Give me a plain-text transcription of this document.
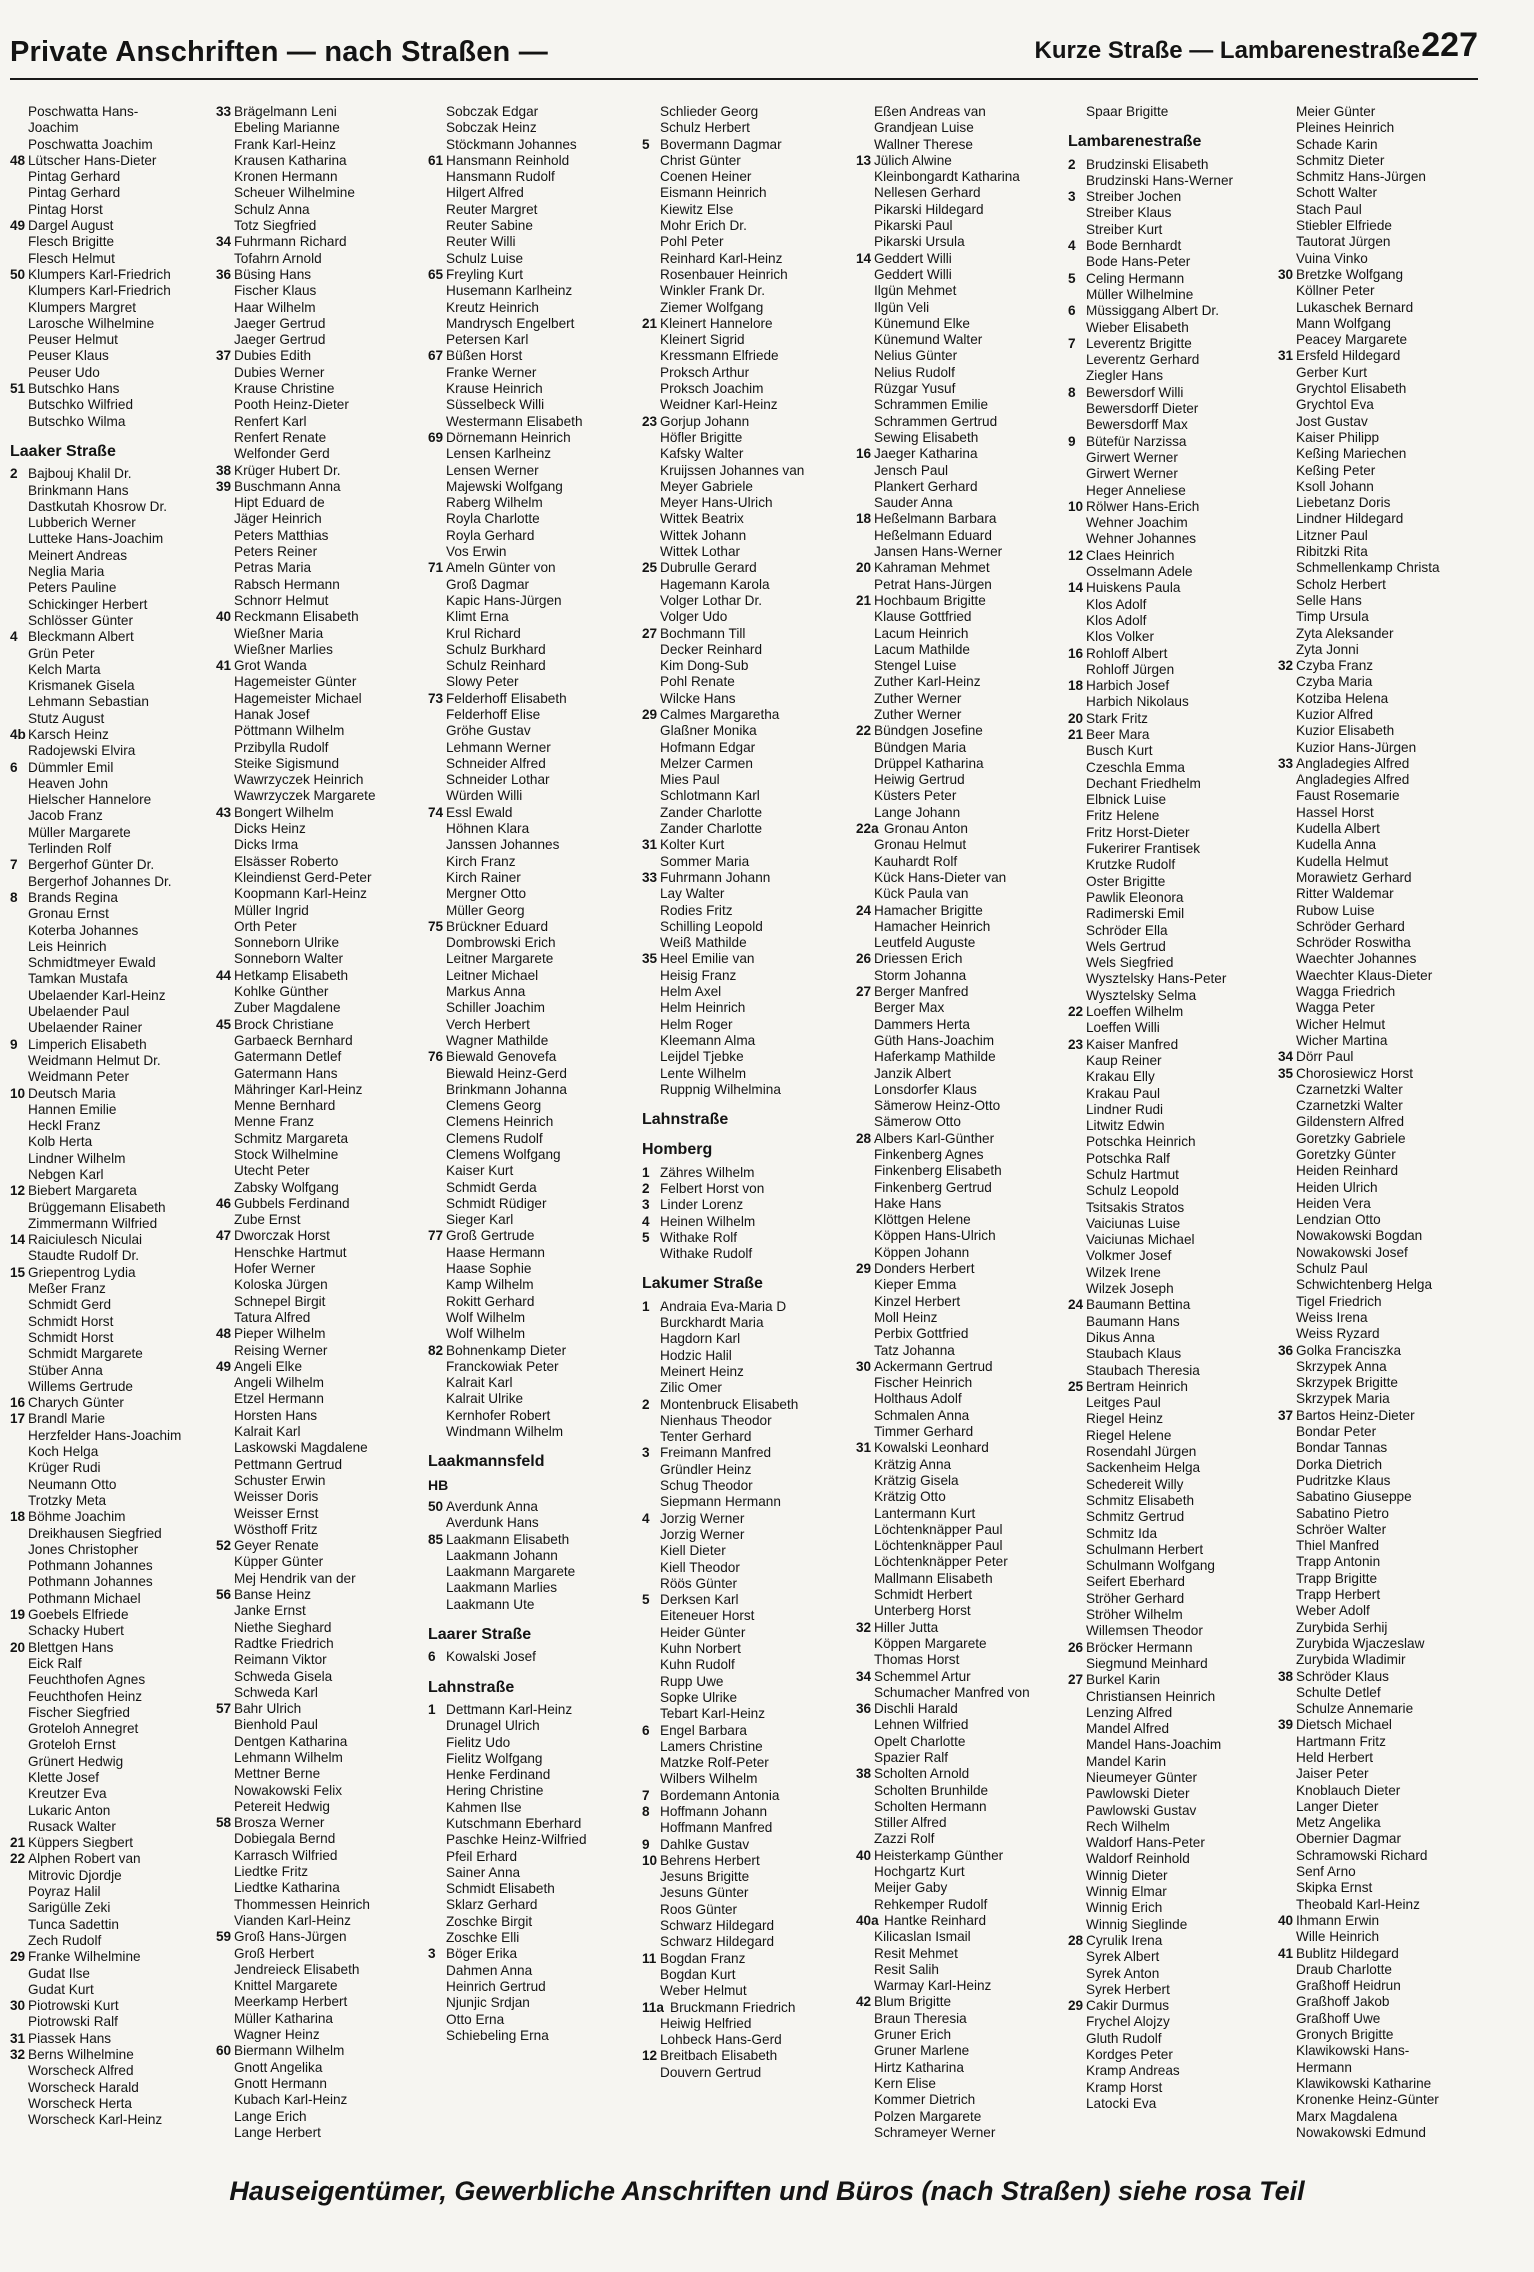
Private Anschriften — nach Straßen —	Kurze Straße — Lambarenestraße 227
Poschwatta Hans-
Joachim
Poschwatta Joachim
48 Lütscher Hans-Dieter
Pintag Gerhard
Pintag Gerhard
Pintag Horst
49 Dargel August
Flesch Brigitte
Flesch Helmut
50 Klumpers Karl-Friedrich
Klumpers Karl-Friedrich
Klumpers Margret
Larosche Wilhelmine
Peuser Helmut
Peuser Klaus
Peuser Udo
51 Butschko Hans
Butschko Wilfried
Butschko Wilma
Laaker Straße
2 Bajbouj Khalil Dr.
Brinkmann Hans
Dastkutah Khosrow Dr.
Lubberich Werner
Lutteke Hans-Joachim
Meinert Andreas
Neglia Maria
Peters Pauline
Schickinger Herbert
Schlösser Günter
4 Bleckmann Albert
Grün Peter
Kelch Marta
Krismanek Gisela
Lehmann Sebastian
Stutz August
4b Karsch Heinz
Radojewski Elvira
6 Dümmler Emil
Heaven John
Hielscher Hannelore
Jacob Franz
Müller Margarete
Terlinden Rolf
7 Bergerhof Günter Dr.
Bergerhof Johannes Dr.
8 Brands Regina
Gronau Ernst
Koterba Johannes
Leis Heinrich
Schmidtmeyer Ewald
Tamkan Mustafa
Ubelaender Karl-Heinz
Ubelaender Paul
Ubelaender Rainer
9 Limperich Elisabeth
Weidmann Helmut Dr.
Weidmann Peter
10 Deutsch Maria
Hannen Emilie
Heckl Franz
Kolb Herta
Lindner Wilhelm
Nebgen Karl
12 Biebert Margareta
Brüggemann Elisabeth
Zimmermann Wilfried
14 Raiciulesch Niculai
Staudte Rudolf Dr.
15 Griepentrog Lydia
Meßer Franz
Schmidt Gerd
Schmidt Horst
Schmidt Horst
Schmidt Margarete
Stüber Anna
Willems Gertrude
16 Charych Günter
17 Brandl Marie
Herzfelder Hans-Joachim
Koch Helga
Krüger Rudi
Neumann Otto
Trotzky Meta
18 Böhme Joachim
Dreikhausen Siegfried
Jones Christopher
Pothmann Johannes
Pothmann Johannes
Pothmann Michael
19 Goebels Elfriede
Schacky Hubert
20 Blettgen Hans
Eick Ralf
Feuchthofen Agnes
Feuchthofen Heinz
Fischer Siegfried
Groteloh Annegret
Groteloh Ernst
Grünert Hedwig
Klette Josef
Kreutzer Eva
Lukaric Anton
Rusack Walter
21 Küppers Siegbert
22 Alphen Robert van
Mitrovic Djordje
Poyraz Halil
Sarigülle Zeki
Tunca Sadettin
Zech Rudolf
29 Franke Wilhelmine
Gudat Ilse
Gudat Kurt
30 Piotrowski Kurt
Piotrowski Ralf
31 Piassek Hans
32 Berns Wilhelmine
Worscheck Alfred
Worscheck Harald
Worscheck Herta
Worscheck Karl-Heinz
33 Brägelmann Leni
Ebeling Marianne
Frank Karl-Heinz
Krausen Katharina
Kronen Hermann
Scheuer Wilhelmine
Schulz Anna
Totz Siegfried
34 Fuhrmann Richard
Tofahrn Arnold
36 Büsing Hans
Fischer Klaus
Haar Wilhelm
Jaeger Gertrud
Jaeger Gertrud
37 Dubies Edith
Dubies Werner
Krause Christine
Pooth Heinz-Dieter
Renfert Karl
Renfert Renate
Welfonder Gerd
38 Krüger Hubert Dr.
39 Buschmann Anna
Hipt Eduard de
Jäger Heinrich
Peters Matthias
Peters Reiner
Petras Maria
Rabsch Hermann
Schnorr Helmut
40 Reckmann Elisabeth
Wießner Maria
Wießner Marlies
41 Grot Wanda
Hagemeister Günter
Hagemeister Michael
Hanak Josef
Pöttmann Wilhelm
Przibylla Rudolf
Steike Sigismund
Wawrzyczek Heinrich
Wawrzyczek Margarete
43 Bongert Wilhelm
Dicks Heinz
Dicks Irma
Elsässer Roberto
Kleindienst Gerd-Peter
Koopmann Karl-Heinz
Müller Ingrid
Orth Peter
Sonneborn Ulrike
Sonneborn Walter
44 Hetkamp Elisabeth
Kohlke Günther
Zuber Magdalene
45 Brock Christiane
Garbaeck Bernhard
Gatermann Detlef
Gatermann Hans
Mähringer Karl-Heinz
Menne Bernhard
Menne Franz
Schmitz Margareta
Stock Wilhelmine
Utecht Peter
Zabsky Wolfgang
46 Gubbels Ferdinand
Zube Ernst
47 Dworczak Horst
Henschke Hartmut
Hofer Werner
Koloska Jürgen
Schnepel Birgit
Tatura Alfred
48 Pieper Wilhelm
Reising Werner
49 Angeli Elke
Angeli Wilhelm
Etzel Hermann
Horsten Hans
Kalrait Karl
Laskowski Magdalene
Pettmann Gertrud
Schuster Erwin
Weisser Doris
Weisser Ernst
Wösthoff Fritz
52 Geyer Renate
Küpper Günter
Mej Hendrik van der
56 Banse Heinz
Janke Ernst
Niethe Sieghard
Radtke Friedrich
Reimann Viktor
Schweda Gisela
Schweda Karl
57 Bahr Ulrich
Bienhold Paul
Dentgen Katharina
Lehmann Wilhelm
Mettner Berne
Nowakowski Felix
Petereit Hedwig
58 Brosza Werner
Dobiegala Bernd
Karrasch Wilfried
Liedtke Fritz
Liedtke Katharina
Thommessen Heinrich
Vianden Karl-Heinz
59 Groß Hans-Jürgen
Groß Herbert
Jendreieck Elisabeth
Knittel Margarete
Meerkamp Herbert
Müller Katharina
Wagner Heinz
60 Biermann Wilhelm
Gnott Angelika
Gnott Hermann
Kubach Karl-Heinz
Lange Erich
Lange Herbert
Sobczak Edgar
Sobczak Heinz
Stöckmann Johannes
61 Hansmann Reinhold
Hansmann Rudolf
Hilgert Alfred
Reuter Margret
Reuter Sabine
Reuter Willi
Schulz Luise
65 Freyling Kurt
Husemann Karlheinz
Kreutz Heinrich
Mandrysch Engelbert
Petersen Karl
67 Büßen Horst
Franke Werner
Krause Heinrich
Süsselbeck Willi
Westermann Elisabeth
69 Dörnemann Heinrich
Lensen Karlheinz
Lensen Werner
Majewski Wolfgang
Raberg Wilhelm
Royla Charlotte
Royla Gerhard
Vos Erwin
71 Ameln Günter von
Groß Dagmar
Kapic Hans-Jürgen
Klimt Erna
Krul Richard
Schulz Burkhard
Schulz Reinhard
Slowy Peter
73 Felderhoff Elisabeth
Felderhoff Elise
Gröhe Gustav
Lehmann Werner
Schneider Alfred
Schneider Lothar
Würden Willi
74 Essl Ewald
Höhnen Klara
Janssen Johannes
Kirch Franz
Kirch Rainer
Mergner Otto
Müller Georg
75 Brückner Eduard
Dombrowski Erich
Leitner Margarete
Leitner Michael
Markus Anna
Schiller Joachim
Verch Herbert
Wagner Mathilde
76 Biewald Genovefa
Biewald Heinz-Gerd
Brinkmann Johanna
Clemens Georg
Clemens Heinrich
Clemens Rudolf
Clemens Wolfgang
Kaiser Kurt
Schmidt Gerda
Schmidt Rüdiger
Sieger Karl
77 Groß Gertrude
Haase Hermann
Haase Sophie
Kamp Wilhelm
Rokitt Gerhard
Wolf Wilhelm
Wolf Wilhelm
82 Bohnenkamp Dieter
Franckowiak Peter
Kalrait Karl
Kalrait Ulrike
Kernhofer Robert
Windmann Wilhelm
Laakmannsfeld
HB
50 Averdunk Anna
Averdunk Hans
85 Laakmann Elisabeth
Laakmann Johann
Laakmann Margarete
Laakmann Marlies
Laakmann Ute
Laarer Straße
6 Kowalski Josef
Lahnstraße
1 Dettmann Karl-Heinz
Drunagel Ulrich
Fielitz Udo
Fielitz Wolfgang
Henke Ferdinand
Hering Christine
Kahmen Ilse
Kutschmann Eberhard
Paschke Heinz-Wilfried
Pfeil Erhard
Sainer Anna
Schmidt Elisabeth
Sklarz Gerhard
Zoschke Birgit
Zoschke Elli
3 Böger Erika
Dahmen Anna
Heinrich Gertrud
Njunjic Srdjan
Otto Erna
Schiebeling Erna
Schlieder Georg
Schulz Herbert
5 Bovermann Dagmar
Christ Günter
Coenen Heiner
Eismann Heinrich
Kiewitz Else
Mohr Erich Dr.
Pohl Peter
Reinhard Karl-Heinz
Rosenbauer Heinrich
Winkler Frank Dr.
Ziemer Wolfgang
21 Kleinert Hannelore
Kleinert Sigrid
Kressmann Elfriede
Proksch Arthur
Proksch Joachim
Weidner Karl-Heinz
23 Gorjup Johann
Höfler Brigitte
Kafsky Walter
Kruijssen Johannes van
Meyer Gabriele
Meyer Hans-Ulrich
Wittek Beatrix
Wittek Johann
Wittek Lothar
25 Dubrulle Gerard
Hagemann Karola
Volger Lothar Dr.
Volger Udo
27 Bochmann Till
Decker Reinhard
Kim Dong-Sub
Pohl Renate
Wilcke Hans
29 Calmes Margaretha
Glaßner Monika
Hofmann Edgar
Melzer Carmen
Mies Paul
Schlotmann Karl
Zander Charlotte
Zander Charlotte
31 Kolter Kurt
Sommer Maria
33 Fuhrmann Johann
Lay Walter
Rodies Fritz
Schilling Leopold
Weiß Mathilde
35 Heel Emilie van
Heisig Franz
Helm Axel
Helm Heinrich
Helm Roger
Kleemann Alma
Leijdel Tjebke
Lente Wilhelm
Ruppnig Wilhelmina
Lahnstraße
Homberg
1 Zähres Wilhelm
2 Felbert Horst von
3 Linder Lorenz
4 Heinen Wilhelm
5 Withake Rolf
Withake Rudolf
Lakumer Straße
1 Andraia Eva-Maria D
Burckhardt Maria
Hagdorn Karl
Hodzic Halil
Meinert Heinz
Zilic Omer
2 Montenbruck Elisabeth
Nienhaus Theodor
Tenter Gerhard
3 Freimann Manfred
Gründler Heinz
Schug Theodor
Siepmann Hermann
4 Jorzig Werner
Jorzig Werner
Kiell Dieter
Kiell Theodor
Röös Günter
5 Derksen Karl
Eiteneuer Horst
Heider Günter
Kuhn Norbert
Kuhn Rudolf
Rupp Uwe
Sopke Ulrike
Tebart Karl-Heinz
6 Engel Barbara
Lamers Christine
Matzke Rolf-Peter
Wilbers Wilhelm
7 Bordemann Antonia
8 Hoffmann Johann
Hoffmann Manfred
9 Dahlke Gustav
10 Behrens Herbert
Jesuns Brigitte
Jesuns Günter
Roos Günter
Schwarz Hildegard
Schwarz Hildegard
11 Bogdan Franz
Bogdan Kurt
Weber Helmut
11a Bruckmann Friedrich
Heiwig Helfried
Lohbeck Hans-Gerd
12 Breitbach Elisabeth
Douvern Gertrud
Eßen Andreas van
Grandjean Luise
Wallner Therese
13 Jülich Alwine
Kleinbongardt Katharina
Nellesen Gerhard
Pikarski Hildegard
Pikarski Paul
Pikarski Ursula
14 Geddert Willi
Geddert Willi
Ilgün Mehmet
Ilgün Veli
Künemund Elke
Künemund Walter
Nelius Günter
Nelius Rudolf
Rüzgar Yusuf
Schrammen Emilie
Schrammen Gertrud
Sewing Elisabeth
16 Jaeger Katharina
Jensch Paul
Plankert Gerhard
Sauder Anna
18 Heßelmann Barbara
Heßelmann Eduard
Jansen Hans-Werner
20 Kahraman Mehmet
Petrat Hans-Jürgen
21 Hochbaum Brigitte
Klause Gottfried
Lacum Heinrich
Lacum Mathilde
Stengel Luise
Zuther Karl-Heinz
Zuther Werner
Zuther Werner
22 Bündgen Josefine
Bündgen Maria
Drüppel Katharina
Heiwig Gertrud
Küsters Peter
Lange Johann
22a Gronau Anton
Gronau Helmut
Kauhardt Rolf
Kück Hans-Dieter van
Kück Paula van
24 Hamacher Brigitte
Hamacher Heinrich
Leutfeld Auguste
26 Driessen Erich
Storm Johanna
27 Berger Manfred
Berger Max
Dammers Herta
Güth Hans-Joachim
Haferkamp Mathilde
Janzik Albert
Lonsdorfer Klaus
Sämerow Heinz-Otto
Sämerow Otto
28 Albers Karl-Günther
Finkenberg Agnes
Finkenberg Elisabeth
Finkenberg Gertrud
Hake Hans
Klöttgen Helene
Köppen Hans-Ulrich
Köppen Johann
29 Donders Herbert
Kieper Emma
Kinzel Herbert
Moll Heinz
Perbix Gottfried
Tatz Johanna
30 Ackermann Gertrud
Fischer Heinrich
Holthaus Adolf
Schmalen Anna
Timmer Gerhard
31 Kowalski Leonhard
Krätzig Anna
Krätzig Gisela
Krätzig Otto
Lantermann Kurt
Löchtenknäpper Paul
Löchtenknäpper Paul
Löchtenknäpper Peter
Mallmann Elisabeth
Schmidt Herbert
Unterberg Horst
32 Hiller Jutta
Köppen Margarete
Thomas Horst
34 Schemmel Artur
Schumacher Manfred von
36 Dischli Harald
Lehnen Wilfried
Opelt Charlotte
Spazier Ralf
38 Scholten Arnold
Scholten Brunhilde
Scholten Hermann
Stiller Alfred
Zazzi Rolf
40 Heisterkamp Günther
Hochgartz Kurt
Meijer Gaby
Rehkemper Rudolf
40a Hantke Reinhard
Kilicaslan Ismail
Resit Mehmet
Resit Salih
Warmay Karl-Heinz
42 Blum Brigitte
Braun Theresia
Gruner Erich
Gruner Marlene
Hirtz Katharina
Kern Elise
Kommer Dietrich
Polzen Margarete
Schrameyer Werner
Spaar Brigitte
Lambarenestraße
2 Brudzinski Elisabeth
Brudzinski Hans-Werner
3 Streiber Jochen
Streiber Klaus
Streiber Kurt
4 Bode Bernhardt
Bode Hans-Peter
5 Celing Hermann
Müller Wilhelmine
6 Müssiggang Albert Dr.
Wieber Elisabeth
7 Leverentz Brigitte
Leverentz Gerhard
Ziegler Hans
8 Bewersdorf Willi
Bewersdorff Dieter
Bewersdorff Max
9 Bütefür Narzissa
Girwert Werner
Girwert Werner
Heger Anneliese
10 Rölwer Hans-Erich
Wehner Joachim
Wehner Johannes
12 Claes Heinrich
Osselmann Adele
14 Huiskens Paula
Klos Adolf
Klos Adolf
Klos Volker
16 Rohloff Albert
Rohloff Jürgen
18 Harbich Josef
Harbich Nikolaus
20 Stark Fritz
21 Beer Mara
Busch Kurt
Czeschla Emma
Dechant Friedhelm
Elbnick Luise
Fritz Helene
Fritz Horst-Dieter
Fukerirer Frantisek
Krutzke Rudolf
Oster Brigitte
Pawlik Eleonora
Radimerski Emil
Schröder Ella
Wels Gertrud
Wels Siegfried
Wysztelsky Hans-Peter
Wysztelsky Selma
22 Loeffen Wilhelm
Loeffen Willi
23 Kaiser Manfred
Kaup Reiner
Krakau Elly
Krakau Paul
Lindner Rudi
Litwitz Edwin
Potschka Heinrich
Potschka Ralf
Schulz Hartmut
Schulz Leopold
Tsitsakis Stratos
Vaiciunas Luise
Vaiciunas Michael
Volkmer Josef
Wilzek Irene
Wilzek Joseph
24 Baumann Bettina
Baumann Hans
Dikus Anna
Staubach Klaus
Staubach Theresia
25 Bertram Heinrich
Leitges Paul
Riegel Heinz
Riegel Helene
Rosendahl Jürgen
Sackenheim Helga
Schedereit Willy
Schmitz Elisabeth
Schmitz Gertrud
Schmitz Ida
Schulmann Herbert
Schulmann Wolfgang
Seifert Eberhard
Ströher Gerhard
Ströher Wilhelm
Willemsen Theodor
26 Bröcker Hermann
Siegmund Meinhard
27 Burkel Karin
Christiansen Heinrich
Lenzing Alfred
Mandel Alfred
Mandel Hans-Joachim
Mandel Karin
Nieumeyer Günter
Pawlowski Dieter
Pawlowski Gustav
Rech Wilhelm
Waldorf Hans-Peter
Waldorf Reinhold
Winnig Dieter
Winnig Elmar
Winnig Erich
Winnig Sieglinde
28 Cyrulik Irena
Syrek Albert
Syrek Anton
Syrek Herbert
29 Cakir Durmus
Frychel Alojzy
Gluth Rudolf
Kordges Peter
Kramp Andreas
Kramp Horst
Latocki Eva
Meier Günter
Pleines Heinrich
Schade Karin
Schmitz Dieter
Schmitz Hans-Jürgen
Schott Walter
Stach Paul
Stiebler Elfriede
Tautorat Jürgen
Vuina Vinko
30 Bretzke Wolfgang
Köllner Peter
Lukaschek Bernard
Mann Wolfgang
Peacey Margarete
31 Ersfeld Hildegard
Gerber Kurt
Grychtol Elisabeth
Grychtol Eva
Jost Gustav
Kaiser Philipp
Keßing Mariechen
Keßing Peter
Ksoll Johann
Liebetanz Doris
Lindner Hildegard
Litzner Paul
Ribitzki Rita
Schmellenkamp Christa
Scholz Herbert
Selle Hans
Timp Ursula
Zyta Aleksander
Zyta Jonni
32 Czyba Franz
Czyba Maria
Kotziba Helena
Kuzior Alfred
Kuzior Elisabeth
Kuzior Hans-Jürgen
33 Angladegies Alfred
Angladegies Alfred
Faust Rosemarie
Hassel Horst
Kudella Albert
Kudella Anna
Kudella Helmut
Morawietz Gerhard
Ritter Waldemar
Rubow Luise
Schröder Gerhard
Schröder Roswitha
Waechter Johannes
Waechter Klaus-Dieter
Wagga Friedrich
Wagga Peter
Wicher Helmut
Wicher Martina
34 Dörr Paul
35 Chorosiewicz Horst
Czarnetzki Walter
Czarnetzki Walter
Gildenstern Alfred
Goretzky Gabriele
Goretzky Günter
Heiden Reinhard
Heiden Ulrich
Heiden Vera
Lendzian Otto
Nowakowski Bogdan
Nowakowski Josef
Schulz Paul
Schwichtenberg Helga
Tigel Friedrich
Weiss Irena
Weiss Ryzard
36 Golka Franciszka
Skrzypek Anna
Skrzypek Brigitte
Skrzypek Maria
37 Bartos Heinz-Dieter
Bondar Peter
Bondar Tannas
Dorka Dietrich
Pudritzke Klaus
Sabatino Giuseppe
Sabatino Pietro
Schröer Walter
Thiel Manfred
Trapp Antonin
Trapp Brigitte
Trapp Herbert
Weber Adolf
Zurybida Serhij
Zurybida Wjaczeslaw
Zurybida Wladimir
38 Schröder Klaus
Schulte Detlef
Schulze Annemarie
39 Dietsch Michael
Hartmann Fritz
Held Herbert
Jaiser Peter
Knoblauch Dieter
Langer Dieter
Metz Angelika
Obernier Dagmar
Schramowski Richard
Senf Arno
Skipka Ernst
Theobald Karl-Heinz
40 Ihmann Erwin
Wille Heinrich
41 Bublitz Hildegard
Draub Charlotte
Graßhoff Heidrun
Graßhoff Jakob
Graßhoff Uwe
Gronych Brigitte
Klawikowski Hans-
Hermann
Klawikowski Katharine
Kronenke Heinz-Günter
Marx Magdalena
Nowakowski Edmund
Hauseigentümer, Gewerbliche Anschriften und Büros (nach Straßen) siehe rosa Teil
